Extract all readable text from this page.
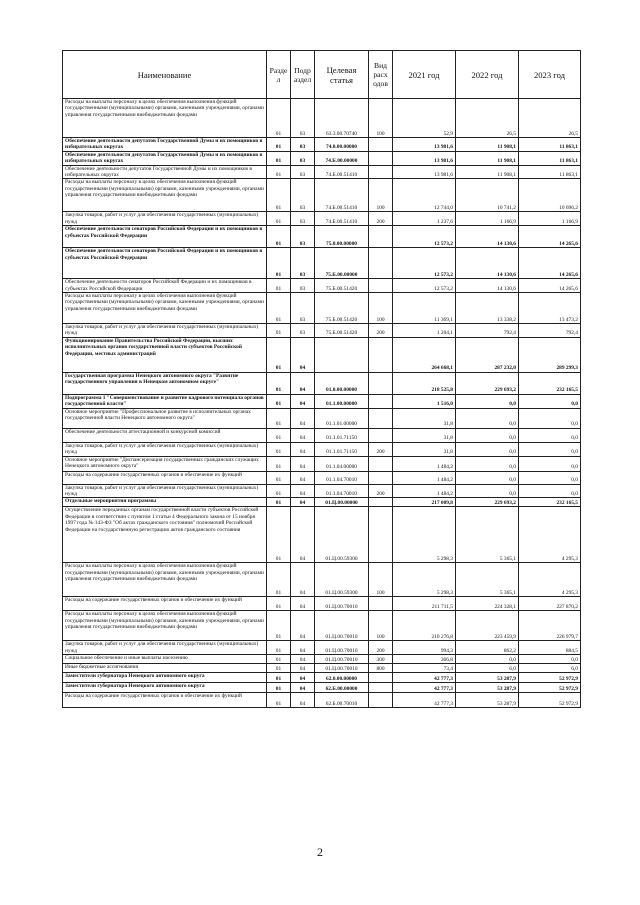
Наименование	Разде л	Подр аздел	Целевая статья	Вид расх одов	2021 год	2022 год	2023 год
Расходы на выплаты персоналу в целях обеспечения выполнения функций государственными (муниципальными) органами, казенными учреждениями, органами управления государственными внебюджетными фондами	01	03	63.3.00.70740	100	52,9	26,5	26,5
Обеспечение деятельности депутатов Государственной Думы и их помощников в избирательных округах	01	03	74.0.00.00000		13 981,6	11 908,1	11 863,1
Обеспечение деятельности депутатов Государственной Думы и их помощников в избирательных округах	01	03	74.Б.00.00000		13 981,6	11 908,1	11 863,1
Обеспечение деятельности депутатов Государственной Думы и их помощников в избирательных округах	01	03	74.Б.00.51410		13 981,6	11 908,1	11 863,1
Расходы на выплаты персоналу в целях обеспечения выполнения функций государственными (муниципальными) органами, казенными учреждениями, органами управления государственными внебюджетными фондами	01	03	74.Б.00.51410	100	12 744,0	10 741,2	10 696,2
Закупка товаров, работ и услуг для обеспечения государственных (муниципальных) нужд	01	03	74.Б.00.51410	200	1 237,6	1 166,9	1 166,9
Обеспечение деятельности сенаторов Российской Федерации и их помощников в субъектах Российской Федерации	01	03	75.0.00.00000		12 573,2	14 130,6	14 265,6
Обеспечение деятельности сенаторов Российской Федерации и их помощников в субъектах Российской Федерации	01	03	75.Б.00.00000		12 573,2	14 130,6	14 265,6
Обеспечение деятельности сенаторов Российской Федерации и их помощников в субъектах Российской Федерации	01	03	75.Б.00.51420		12 573,2	14 130,6	14 265,6
Расходы на выплаты персоналу в целях обеспечения выполнения функций государственными (муниципальными) органами, казенными учреждениями, органами управления государственными внебюджетными фондами	01	03	75.Б.00.51420	100	11 369,1	13 338,2	13 473,2
Закупка товаров, работ и услуг для обеспечения государственных (муниципальных) нужд	01	03	75.Б.00.51420	200	1 204,1	792,4	792,4
Функционирование Правительства Российской Федерации, высших исполнительных органов государственной власти субъектов Российской Федерации, местных администраций	01	04			264 668,1	287 232,0	289 299,3
Государственная программа Ненецкого автономного округа "Развитие государственного управления в Ненецком автономном округе"	01	04	01.0.00.00000		218 525,8	229 693,2	232 165,5
Подпрограмма 1 "Совершенствование и развитие кадрового потенциала органов государственной власти"	01	04	01.1.00.00000		1 516,0	0,0	0,0
Основное мероприятие "Профессиональное развитие в исполнительных органах государственной власти Ненецкого автономного округа"	01	04	01.1.01.00000		31,8	0,0	0,0
Обеспечение деятельности аттестационной и конкурсной комиссий	01	04	01.1.01.71150		31,8	0,0	0,0
Закупка товаров, работ и услуг для обеспечения государственных (муниципальных) нужд	01	04	01.1.01.71150	200	31,8	0,0	0,0
Основное мероприятие "Диспансеризация государственных гражданских служащих Ненецкого автономного округа"	01	04	01.1.04.00000		1 484,2	0,0	0,0
Расходы на содержание государственных органов и обеспечение их функций	01	04	01.1.04.70010		1 484,2	0,0	0,0
Закупка товаров, работ и услуг для обеспечения государственных (муниципальных) нужд	01	04	01.1.04.70010	200	1 484,2	0,0	0,0
Отдельные мероприятия программы	01	04	01.Ц.00.00000		217 009,8	229 693,2	232 165,5
Осуществление переданных органам государственной власти субъектов Российской Федерации в соответствии с пунктом 1 статьи 4 Федерального закона от 15 ноября 1997 года № 143-ФЗ "Об актах гражданского состояния" полномочий Российской Федерации на государственную регистрацию актов гражданского состояния	01	04	01.Ц.00.59300		5 298,3	5 365,1	4 295,3
Расходы на выплаты персоналу в целях обеспечения выполнения функций государственными (муниципальными) органами, казенными учреждениями, органами управления государственными внебюджетными фондами	01	04	01.Ц.00.59300	100	5 298,3	5 365,1	4 295,3
Расходы на содержание государственных органов и обеспечение их функций	01	04	01.Ц.00.70010		211 711,5	224 328,1	227 870,2
Расходы на выплаты персоналу в целях обеспечения выполнения функций государственными (муниципальными) органами, казенными учреждениями, органами управления государственными внебюджетными фондами	01	04	01.Ц.00.70010	100	210 276,8	223 459,9	226 979,7
Закупка товаров, работ и услуг для обеспечения государственных (муниципальных) нужд	01	04	01.Ц.00.70010	200	994,3	862,2	884,5
Социальное обеспечение и иные выплаты населению	01	04	01.Ц.00.70010	300	366,8	0,0	0,0
Иные бюджетные ассигнования	01	04	01.Ц.00.70010	800	73,4	6,0	6,0
Заместители губернатора Ненецкого автономного округа	01	04	62.0.00.00000		42 777,3	53 287,9	52 972,9
Заместители губернатора Ненецкого автономного округа	01	04	62.Б.00.00000		42 777,3	53 287,9	52 972,9
Расходы на содержание государственных органов и обеспечение их функций	01	04	62.Б.00.70010		42 777,3	53 287,9	52 972,9
2
